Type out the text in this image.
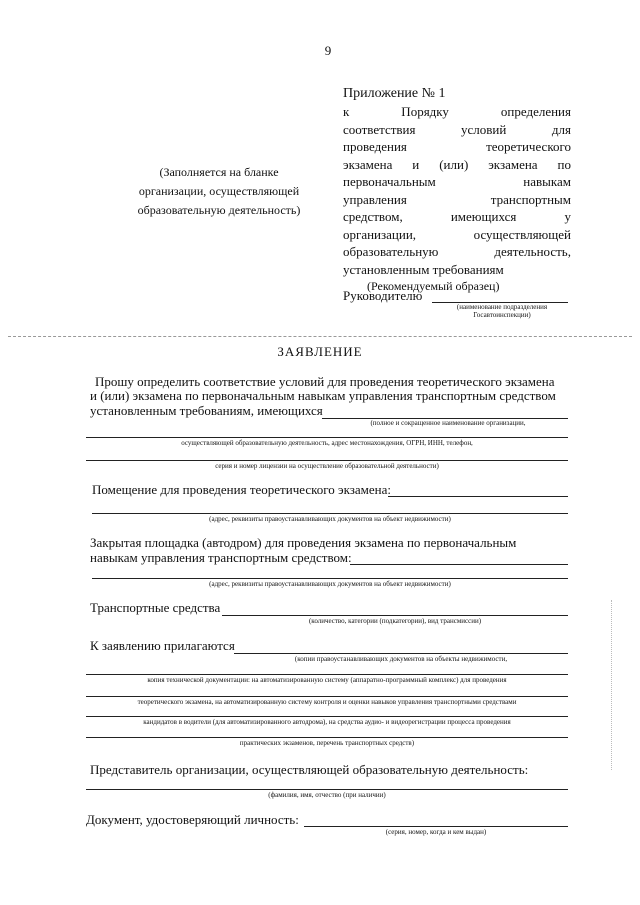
9
Приложение № 1
к Порядку определения
соответствия условий для
проведения теоретического
экзамена и (или) экзамена по
первоначальным навыкам
управления транспортным
средством, имеющихся у
организации, осуществляющей
образовательную деятельность,
установленным требованиям
(Рекомендуемый образец)
Руководителю
(наименование подразделения
Госавтоинспекции)
(Заполняется на бланке
организации, осуществляющей
образовательную деятельность)
ЗАЯВЛЕНИЕ
Прошу определить соответствие условий для проведения теоретического экзамена
и (или) экзамена по первоначальным навыкам управления транспортным средством
установленным требованиям, имеющихся
(полное и сокращенное наименование организации,
осуществляющей образовательную деятельность, адрес местонахождения, ОГРН, ИНН, телефон,
серия и номер лицензии на осуществление образовательной деятельности)
Помещение для проведения теоретического экзамена:
(адрес, реквизиты правоустанавливающих документов на объект недвижимости)
Закрытая площадка (автодром) для проведения экзамена по первоначальным
навыкам управления транспортным средством:
(адрес, реквизиты правоустанавливающих документов на объект недвижимости)
Транспортные средства
(количество, категории (подкатегории), вид трансмиссии)
К заявлению прилагаются
(копии правоустанавливающих документов на объекты недвижимости,
копия технической документации: на автоматизированную систему (аппаратно-программный комплекс) для проведения
теоретического экзамена, на автоматизированную систему контроля и оценки навыков управления транспортными средствами
кандидатов в водители (для автоматизированного автодрома), на средства аудио- и видеорегистрации процесса проведения
практических экзаменов, перечень транспортных средств)
Представитель организации, осуществляющей образовательную деятельность:
(фамилия, имя, отчество (при наличии)
Документ, удостоверяющий личность:
(серия, номер, когда и кем выдан)
